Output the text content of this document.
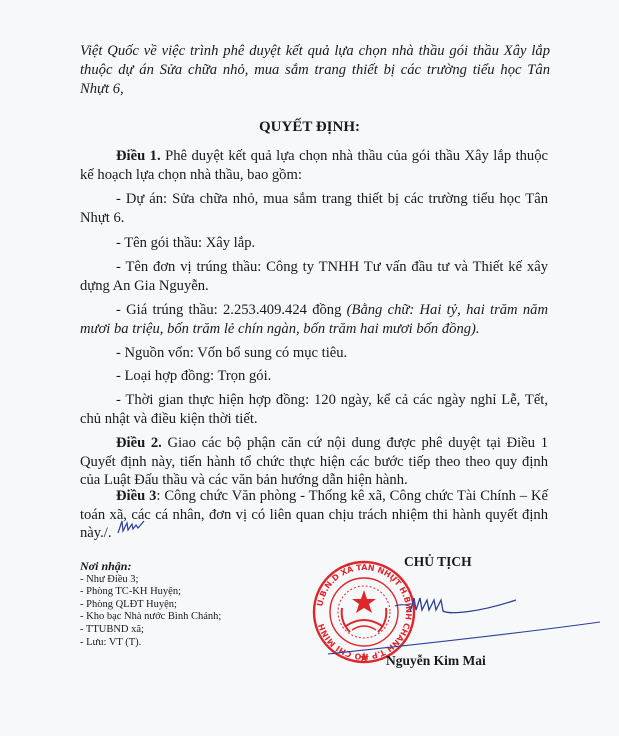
Việt Quốc về việc trình phê duyệt kết quả lựa chọn nhà thầu gói thầu Xây lắp thuộc dự án Sửa chữa nhỏ, mua sắm trang thiết bị các trường tiểu học Tân Nhựt 6,
QUYẾT ĐỊNH:
Điều 1. Phê duyệt kết quả lựa chọn nhà thầu của gói thầu Xây lắp thuộc kế hoạch lựa chọn nhà thầu, bao gồm:
- Dự án: Sửa chữa nhỏ, mua sắm trang thiết bị các trường tiểu học Tân Nhựt 6.
- Tên gói thầu: Xây lắp.
- Tên đơn vị trúng thầu: Công ty TNHH Tư vấn đầu tư và Thiết kế xây dựng An Gia Nguyễn.
- Giá trúng thầu: 2.253.409.424 đồng (Bằng chữ: Hai tỷ, hai trăm năm mươi ba triệu, bốn trăm lẻ chín ngàn, bốn trăm hai mươi bốn đồng).
- Nguồn vốn: Vốn bổ sung có mục tiêu.
- Loại hợp đồng: Trọn gói.
- Thời gian thực hiện hợp đồng: 120 ngày, kể cả các ngày nghỉ Lễ, Tết, chủ nhật và điều kiện thời tiết.
Điều 2. Giao các bộ phận căn cứ nội dung được phê duyệt tại Điều 1 Quyết định này, tiến hành tổ chức thực hiện các bước tiếp theo theo quy định của Luật Đấu thầu và các văn bản hướng dẫn hiện hành.
Điều 3: Công chức Văn phòng - Thống kê xã, Công chức Tài Chính – Kế toán xã, các cá nhân, đơn vị có liên quan chịu trách nhiệm thi hành quyết định này./.
Nơi nhận:
- Như Điều 3;
- Phòng TC-KH Huyện;
- Phòng QLĐT Huyện;
- Kho bạc Nhà nước Bình Chánh;
- TTUBND xã;
- Lưu: VT (T).
CHỦ TỊCH
U.B.N.D XÃ TÂN NHỰT H.BÌNH CHÁNH T.P HỒ CHÍ MINH
Nguyễn Kim Mai
